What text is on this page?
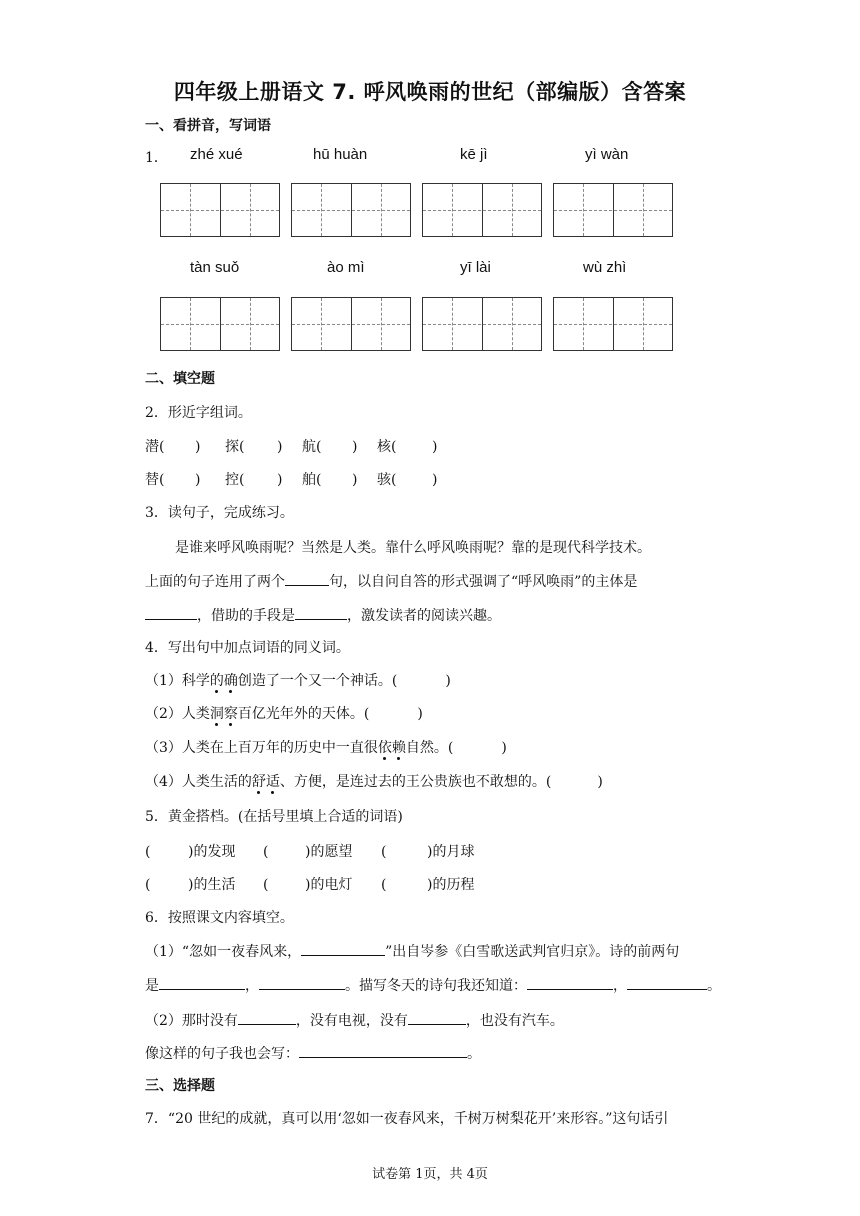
四年级上册语文 7. 呼风唤雨的世纪（部编版）含答案
一、看拼音，写词语
1． zhé xué	hū huàn	kē jì	yì wàn
tàn suǒ	ào mì	yī lài	wù zhì
二、填空题
2．形近字组词。
潜( ) 探( ) 航( ) 核(	)
替( ) 控( ) 舶( ) 骇(	)
3．读句子，完成练习。
是谁来呼风唤雨呢？当然是人类。靠什么呼风唤雨呢？靠的是现代科学技术。
上面的句子连用了两个	句，以自问自答的形式强调了“呼风唤雨”的主体是
，借助的手段是	，激发读者的阅读兴趣。
4．写出句中加点词语的同义词。
（1）科学的确创造了一个又一个神话。(	)
（2）人类洞察百亿光年外的天体。(	)
（3）人类在上百万年的历史中一直很依赖自然。(	)
（4）人类生活的舒适、方便，是连过去的王公贵族也不敢想的。(	)
5．黄金搭档。(在括号里填上合适的词语)
(	)的发现 (	)的愿望 (	)的月球
(	)的生活 (	)的电灯 (	)的历程
6．按照课文内容填空。
（1）“忽如一夜春风来，	”出自岑参《白雪歌送武判官归京》。诗的前两句
是	，	。描写冬天的诗句我还知道：	，	。
（2）那时没有	，没有电视，没有	，也没有汽车。
像这样的句子我也会写：	。
三、选择题
7．“20 世纪的成就，真可以用‘忽如一夜春风来，千树万树梨花开’来形容。”这句话引
试卷第 1页，共 4页
